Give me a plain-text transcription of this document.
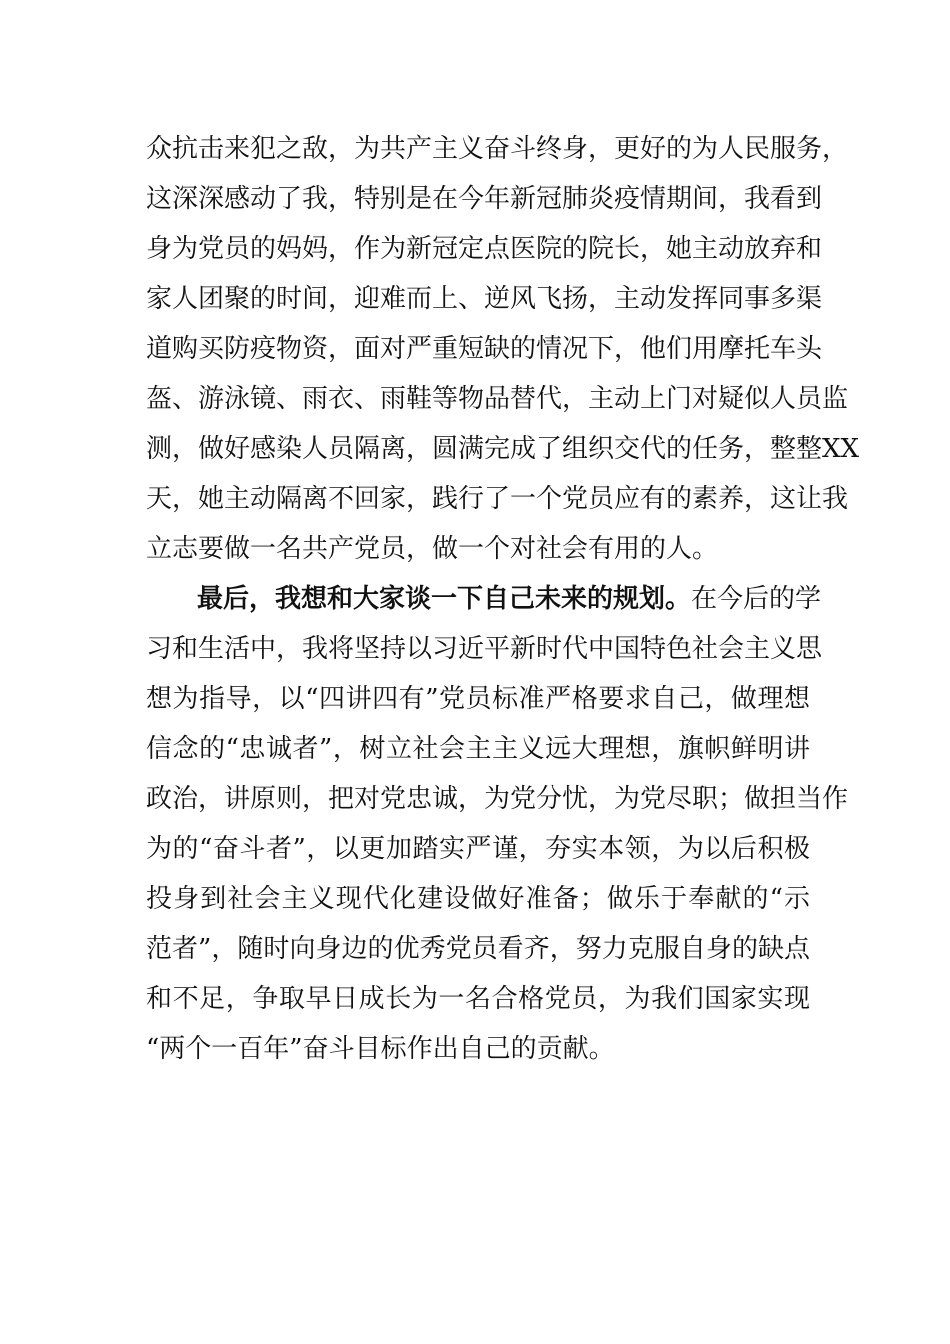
众抗击来犯之敌，为共产主义奋斗终身，更好的为人民服务，
这深深感动了我，特别是在今年新冠肺炎疫情期间，我看到
身为党员的妈妈，作为新冠定点医院的院长，她主动放弃和
家人团聚的时间，迎难而上、逆风飞扬，主动发挥同事多渠
道购买防疫物资，面对严重短缺的情况下，他们用摩托车头
盔、游泳镜、雨衣、雨鞋等物品替代，主动上门对疑似人员监
测，做好感染人员隔离，圆满完成了组织交代的任务，整整XX
天，她主动隔离不回家，践行了一个党员应有的素养，这让我
立志要做一名共产党员，做一个对社会有用的人。
最后，我想和大家谈一下自己未来的规划。在今后的学
习和生活中，我将坚持以习近平新时代中国特色社会主义思
想为指导，以“四讲四有”党员标准严格要求自己，做理想
信念的“忠诚者”，树立社会主主义远大理想，旗帜鲜明讲
政治，讲原则，把对党忠诚，为党分忧，为党尽职；做担当作
为的“奋斗者”，以更加踏实严谨，夯实本领，为以后积极
投身到社会主义现代化建设做好准备；做乐于奉献的“示
范者”，随时向身边的优秀党员看齐，努力克服自身的缺点
和不足，争取早日成长为一名合格党员，为我们国家实现
“两个一百年”奋斗目标作出自己的贡献。
